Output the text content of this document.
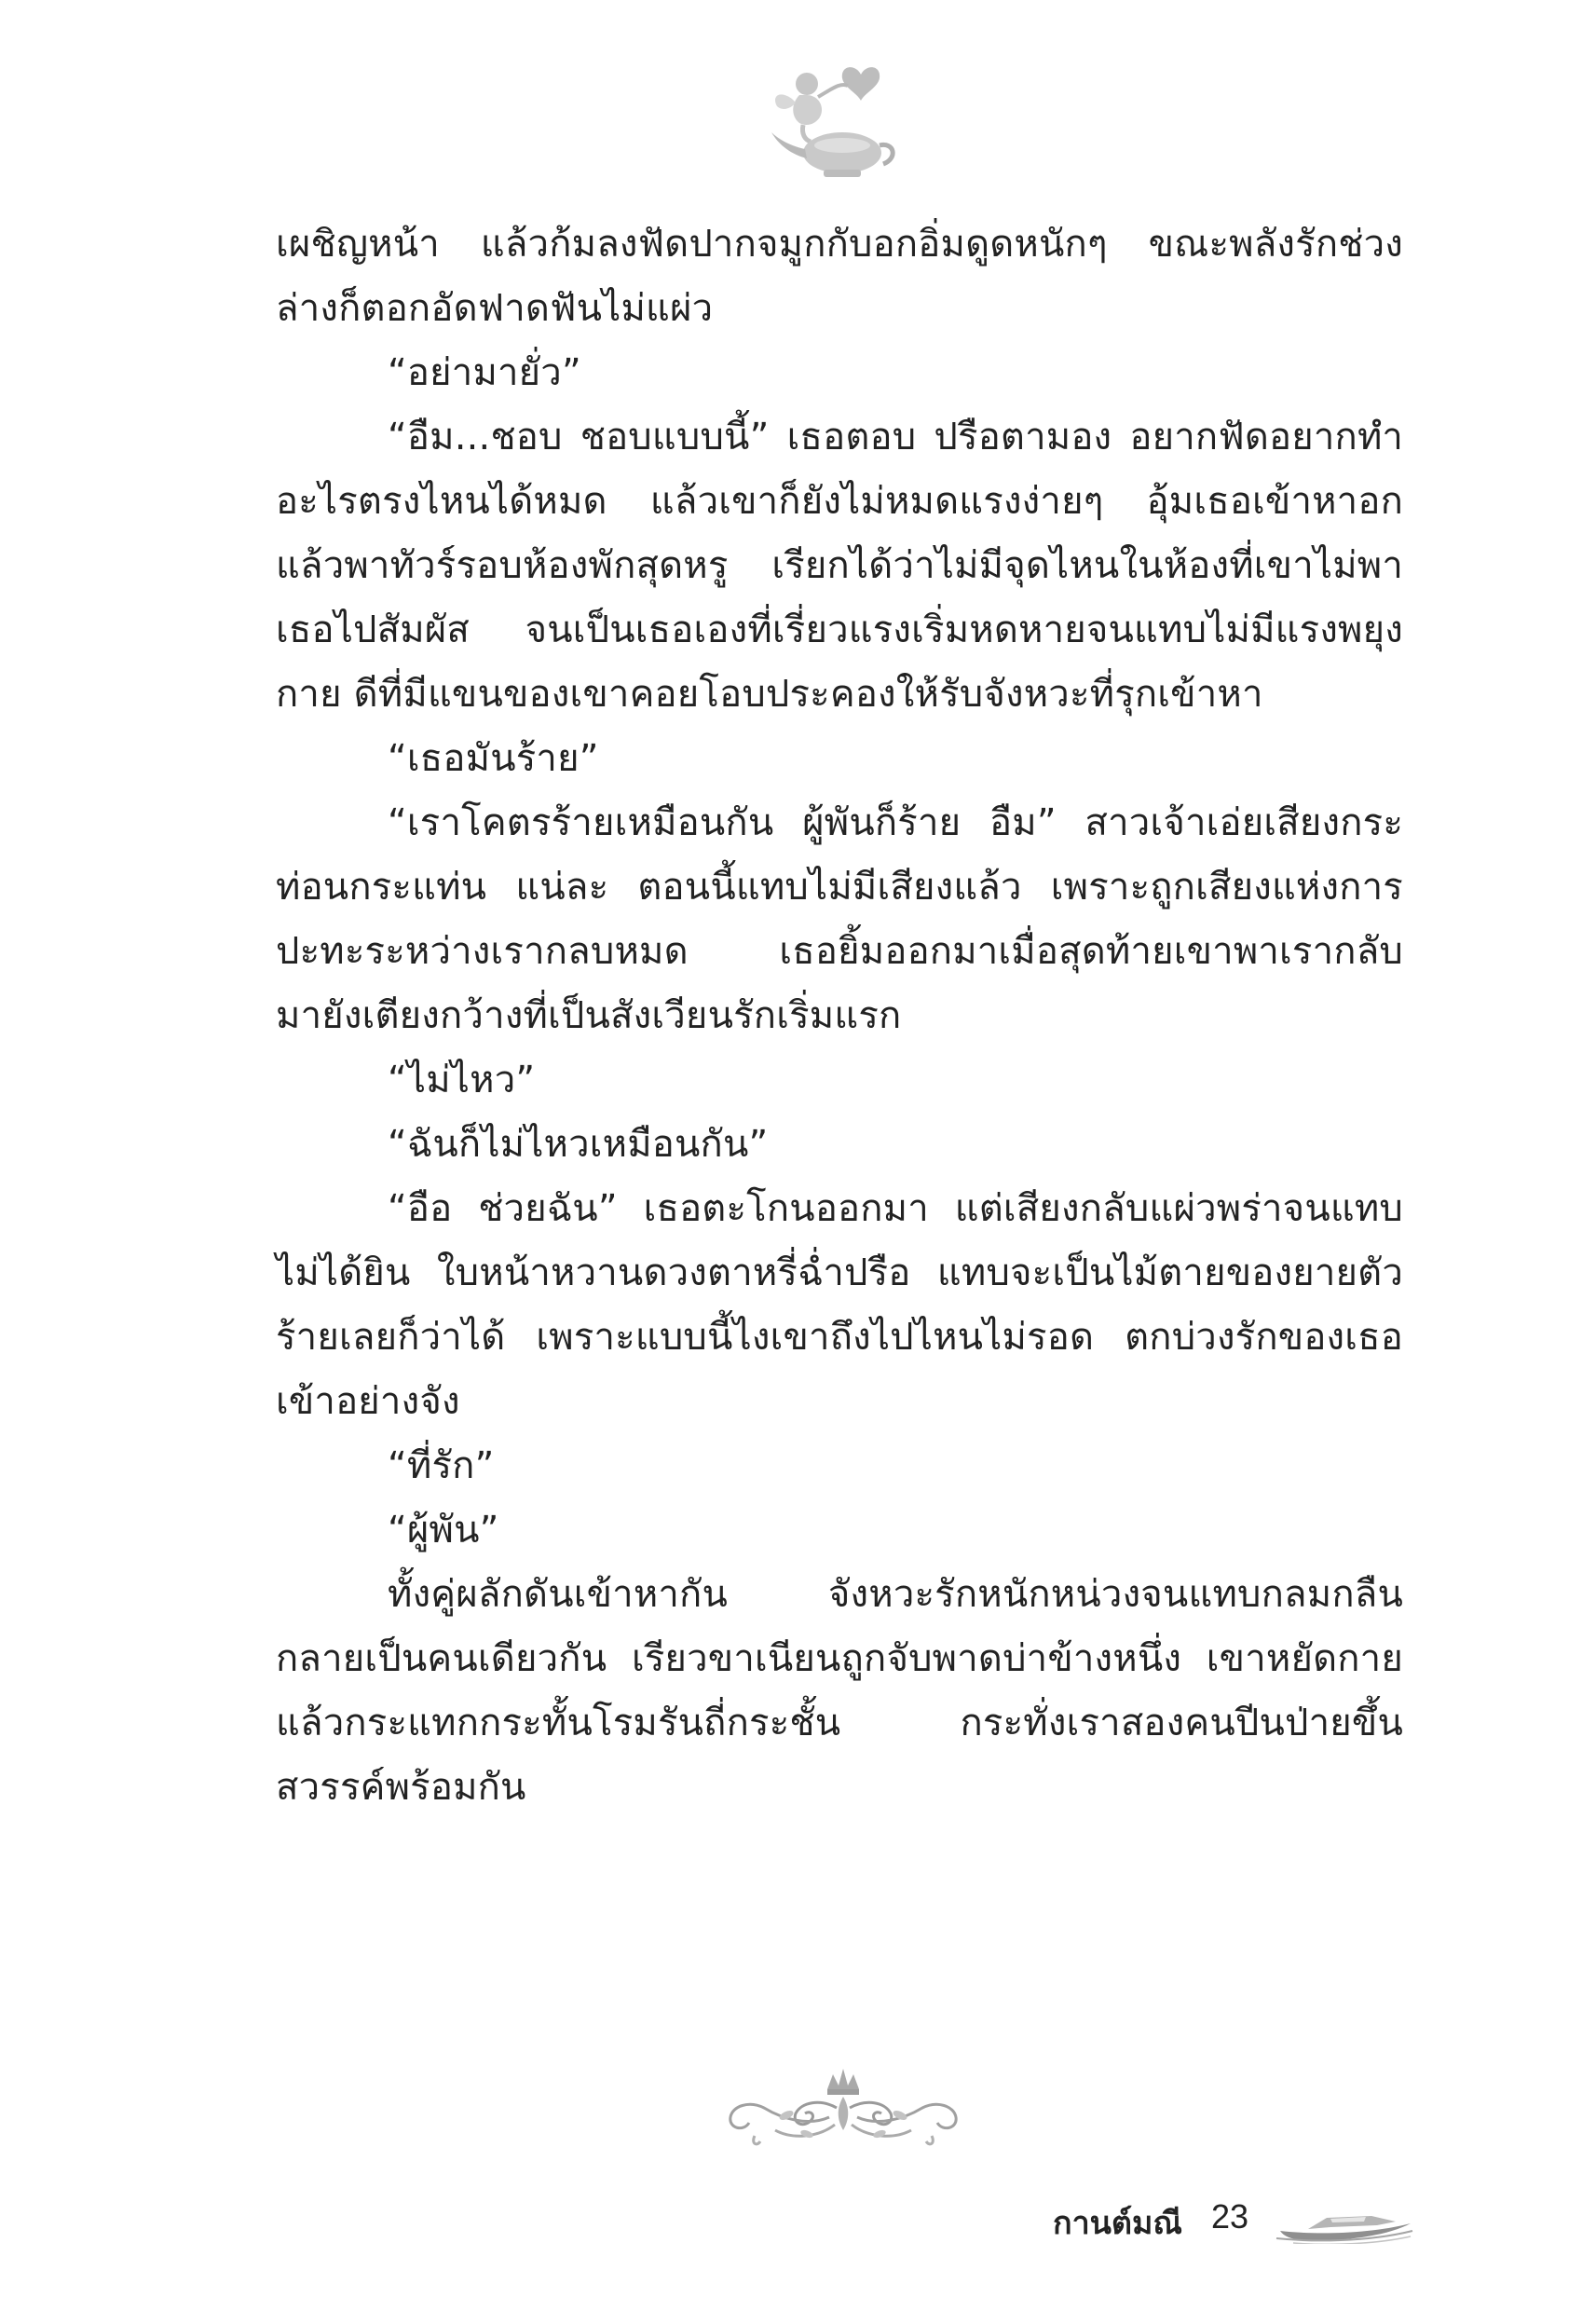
เผชิญหน้า แล้วก้มลงฟัดปากจมูกกับอกอิ่มดูดหนักๆ ขณะพลังรักช่วงล่างก็ตอกอัดฟาดฟันไม่แผ่ว

“อย่ามายั่ว”

“อืม...ชอบ ชอบแบบนี้” เธอตอบ ปรือตามอง อยากฟัดอยากทำอะไรตรงไหนได้หมด แล้วเขาก็ยังไม่หมดแรงง่ายๆ อุ้มเธอเข้าหาอกแล้วพาทัวร์รอบห้องพักสุดหรู เรียกได้ว่าไม่มีจุดไหนในห้องที่เขาไม่พาเธอไปสัมผัส จนเป็นเธอเองที่เรี่ยวแรงเริ่มหดหายจนแทบไม่มีแรงพยุงกาย ดีที่มีแขนของเขาคอยโอบประคองให้รับจังหวะที่รุกเข้าหา

“เธอมันร้าย”

“เราโคตรร้ายเหมือนกัน ผู้พันก็ร้าย อืม” สาวเจ้าเอ่ยเสียงกระท่อนกระแท่น แน่ละ ตอนนี้แทบไม่มีเสียงแล้ว เพราะถูกเสียงแห่งการปะทะระหว่างเรากลบหมด เธอยิ้มออกมาเมื่อสุดท้ายเขาพาเรากลับมายังเตียงกว้างที่เป็นสังเวียนรักเริ่มแรก

“ไม่ไหว”

“ฉันก็ไม่ไหวเหมือนกัน”

“อือ ช่วยฉัน” เธอตะโกนออกมา แต่เสียงกลับแผ่วพร่าจนแทบไม่ได้ยิน ใบหน้าหวานดวงตาหรี่ฉ่ำปรือ แทบจะเป็นไม้ตายของยายตัวร้ายเลยก็ว่าได้ เพราะแบบนี้ไงเขาถึงไปไหนไม่รอด ตกบ่วงรักของเธอเข้าอย่างจัง

“ที่รัก”

“ผู้พัน”

ทั้งคู่ผลักดันเข้าหากัน จังหวะรักหนักหน่วงจนแทบกลมกลืนกลายเป็นคนเดียวกัน เรียวขาเนียนถูกจับพาดบ่าข้างหนึ่ง เขาหยัดกายแล้วกระแทกกระทั้นโรมรันถี่กระชั้น กระทั่งเราสองคนปีนป่ายขึ้นสวรรค์พร้อมกัน

กานต์มณี 23
